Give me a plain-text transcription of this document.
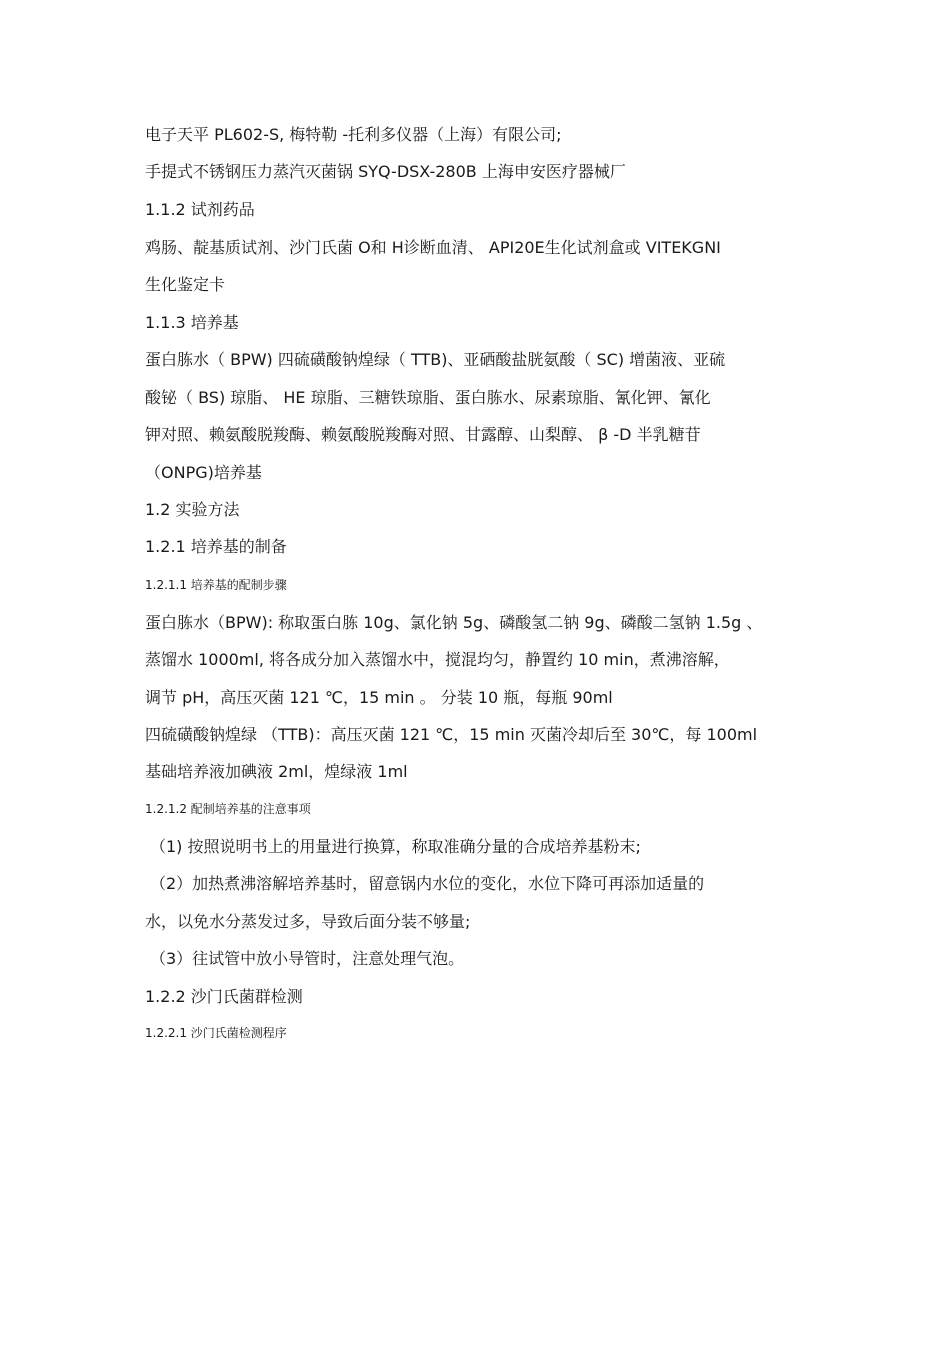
电子天平 PL602-S, 梅特勒 -托利多仪器（上海）有限公司;
手提式不锈钢压力蒸汽灭菌锅 SYQ-DSX-280B 上海申安医疗器械厂
1.1.2 试剂药品
鸡肠、靛基质试剂、沙门氏菌 O和 H诊断血清、 API20E生化试剂盒或 VITEKGNI
生化鉴定卡
1.1.3 培养基
蛋白胨水（ BPW) 四硫磺酸钠煌绿（ TTB)、亚硒酸盐胱氨酸（ SC) 增菌液、亚硫
酸铋（ BS) 琼脂、 HE 琼脂、三糖铁琼脂、蛋白胨水、尿素琼脂、氰化钾、氰化
钾对照、赖氨酸脱羧酶、赖氨酸脱羧酶对照、甘露醇、山梨醇、 β -D 半乳糖苷
（ONPG)培养基
1.2 实验方法
1.2.1 培养基的制备
1.2.1.1 培养基的配制步骤
蛋白胨水（BPW): 称取蛋白胨 10g、氯化钠 5g、磷酸氢二钠 9g、磷酸二氢钠 1.5g 、
蒸馏水 1000ml, 将各成分加入蒸馏水中，搅混均匀，静置约 10 min，煮沸溶解，
调节 pH，高压灭菌 121 ℃，15 min 。 分装 10 瓶，每瓶 90ml
四硫磺酸钠煌绿 （TTB)：高压灭菌 121 ℃，15 min 灭菌冷却后至 30℃，每 100ml
基础培养液加碘液 2ml，煌绿液 1ml
1.2.1.2 配制培养基的注意事项
（1) 按照说明书上的用量进行换算，称取准确分量的合成培养基粉末;
（2）加热煮沸溶解培养基时，留意锅内水位的变化，水位下降可再添加适量的
水，以免水分蒸发过多，导致后面分装不够量;
（3）往试管中放小导管时，注意处理气泡。
1.2.2 沙门氏菌群检测
1.2.2.1 沙门氏菌检测程序
